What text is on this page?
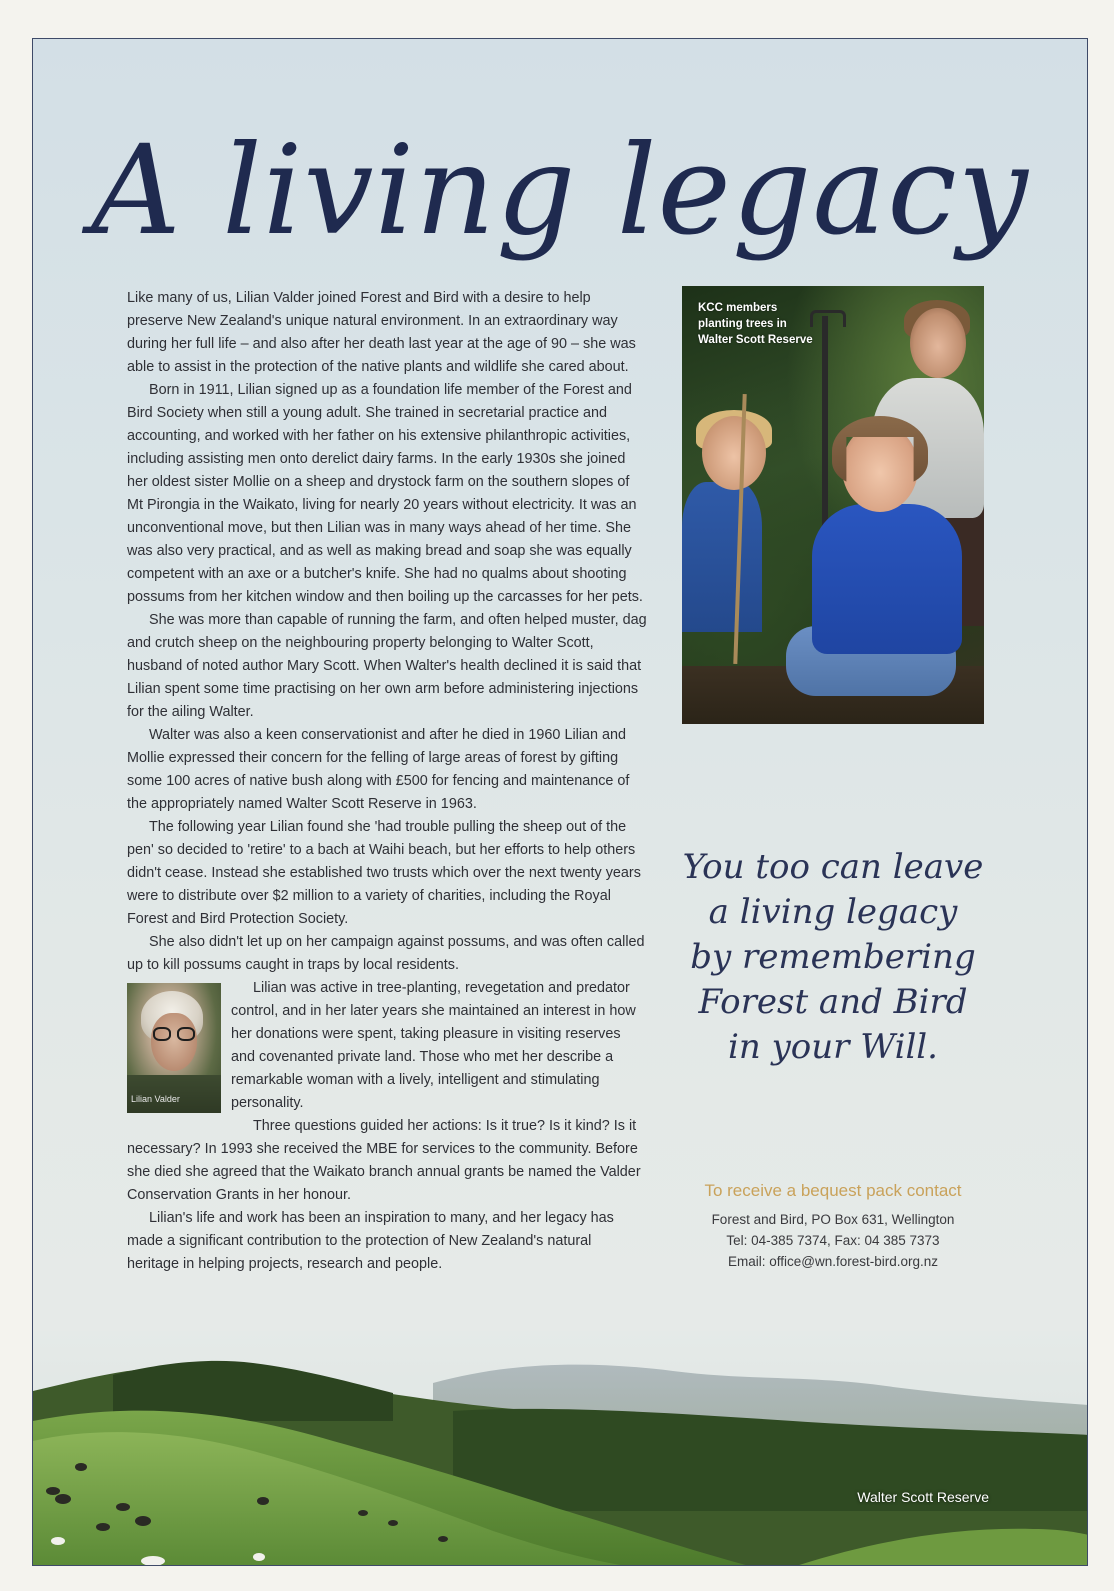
A living legacy

Like many of us, Lilian Valder joined Forest and Bird with a desire to help preserve New Zealand's unique natural environment. In an extraordinary way during her full life – and also after her death last year at the age of 90 – she was able to assist in the protection of the native plants and wildlife she cared about.

Born in 1911, Lilian signed up as a foundation life member of the Forest and Bird Society when still a young adult. She trained in secretarial practice and accounting, and worked with her father on his extensive philanthropic activities, including assisting men onto derelict dairy farms. In the early 1930s she joined her oldest sister Mollie on a sheep and drystock farm on the southern slopes of Mt Pirongia in the Waikato, living for nearly 20 years without electricity. It was an unconventional move, but then Lilian was in many ways ahead of her time. She was also very practical, and as well as making bread and soap she was equally competent with an axe or a butcher's knife. She had no qualms about shooting possums from her kitchen window and then boiling up the carcasses for her pets.

She was more than capable of running the farm, and often helped muster, dag and crutch sheep on the neighbouring property belonging to Walter Scott, husband of noted author Mary Scott. When Walter's health declined it is said that Lilian spent some time practising on her own arm before administering injections for the ailing Walter.

Walter was also a keen conservationist and after he died in 1960 Lilian and Mollie expressed their concern for the felling of large areas of forest by gifting some 100 acres of native bush along with £500 for fencing and maintenance of the appropriately named Walter Scott Reserve in 1963.

The following year Lilian found she 'had trouble pulling the sheep out of the pen' so decided to 'retire' to a bach at Waihi beach, but her efforts to help others didn't cease. Instead she established two trusts which over the next twenty years were to distribute over $2 million to a variety of charities, including the Royal Forest and Bird Protection Society.

She also didn't let up on her campaign against possums, and was often called up to kill possums caught in traps by local residents.

Lilian Valder

Lilian was active in tree-planting, revegetation and predator control, and in her later years she maintained an interest in how her donations were spent, taking pleasure in visiting reserves and covenanted private land. Those who met her describe a remarkable woman with a lively, intelligent and stimulating personality.

Three questions guided her actions: Is it true? Is it kind? Is it necessary? In 1993 she received the MBE for services to the community. Before she died she agreed that the Waikato branch annual grants be named the Valder Conservation Grants in her honour.

Lilian's life and work has been an inspiration to many, and her legacy has made a significant contribution to the protection of New Zealand's natural heritage in helping projects, research and people.

KCC members
planting trees in
Walter Scott Reserve
You too can leave
a living legacy
by remembering
Forest and Bird
in your Will.
To receive a bequest pack contact
Forest and Bird, PO Box 631, Wellington
Tel: 04-385 7374, Fax: 04 385 7373
Email: office@wn.forest-bird.org.nz
Walter Scott Reserve
